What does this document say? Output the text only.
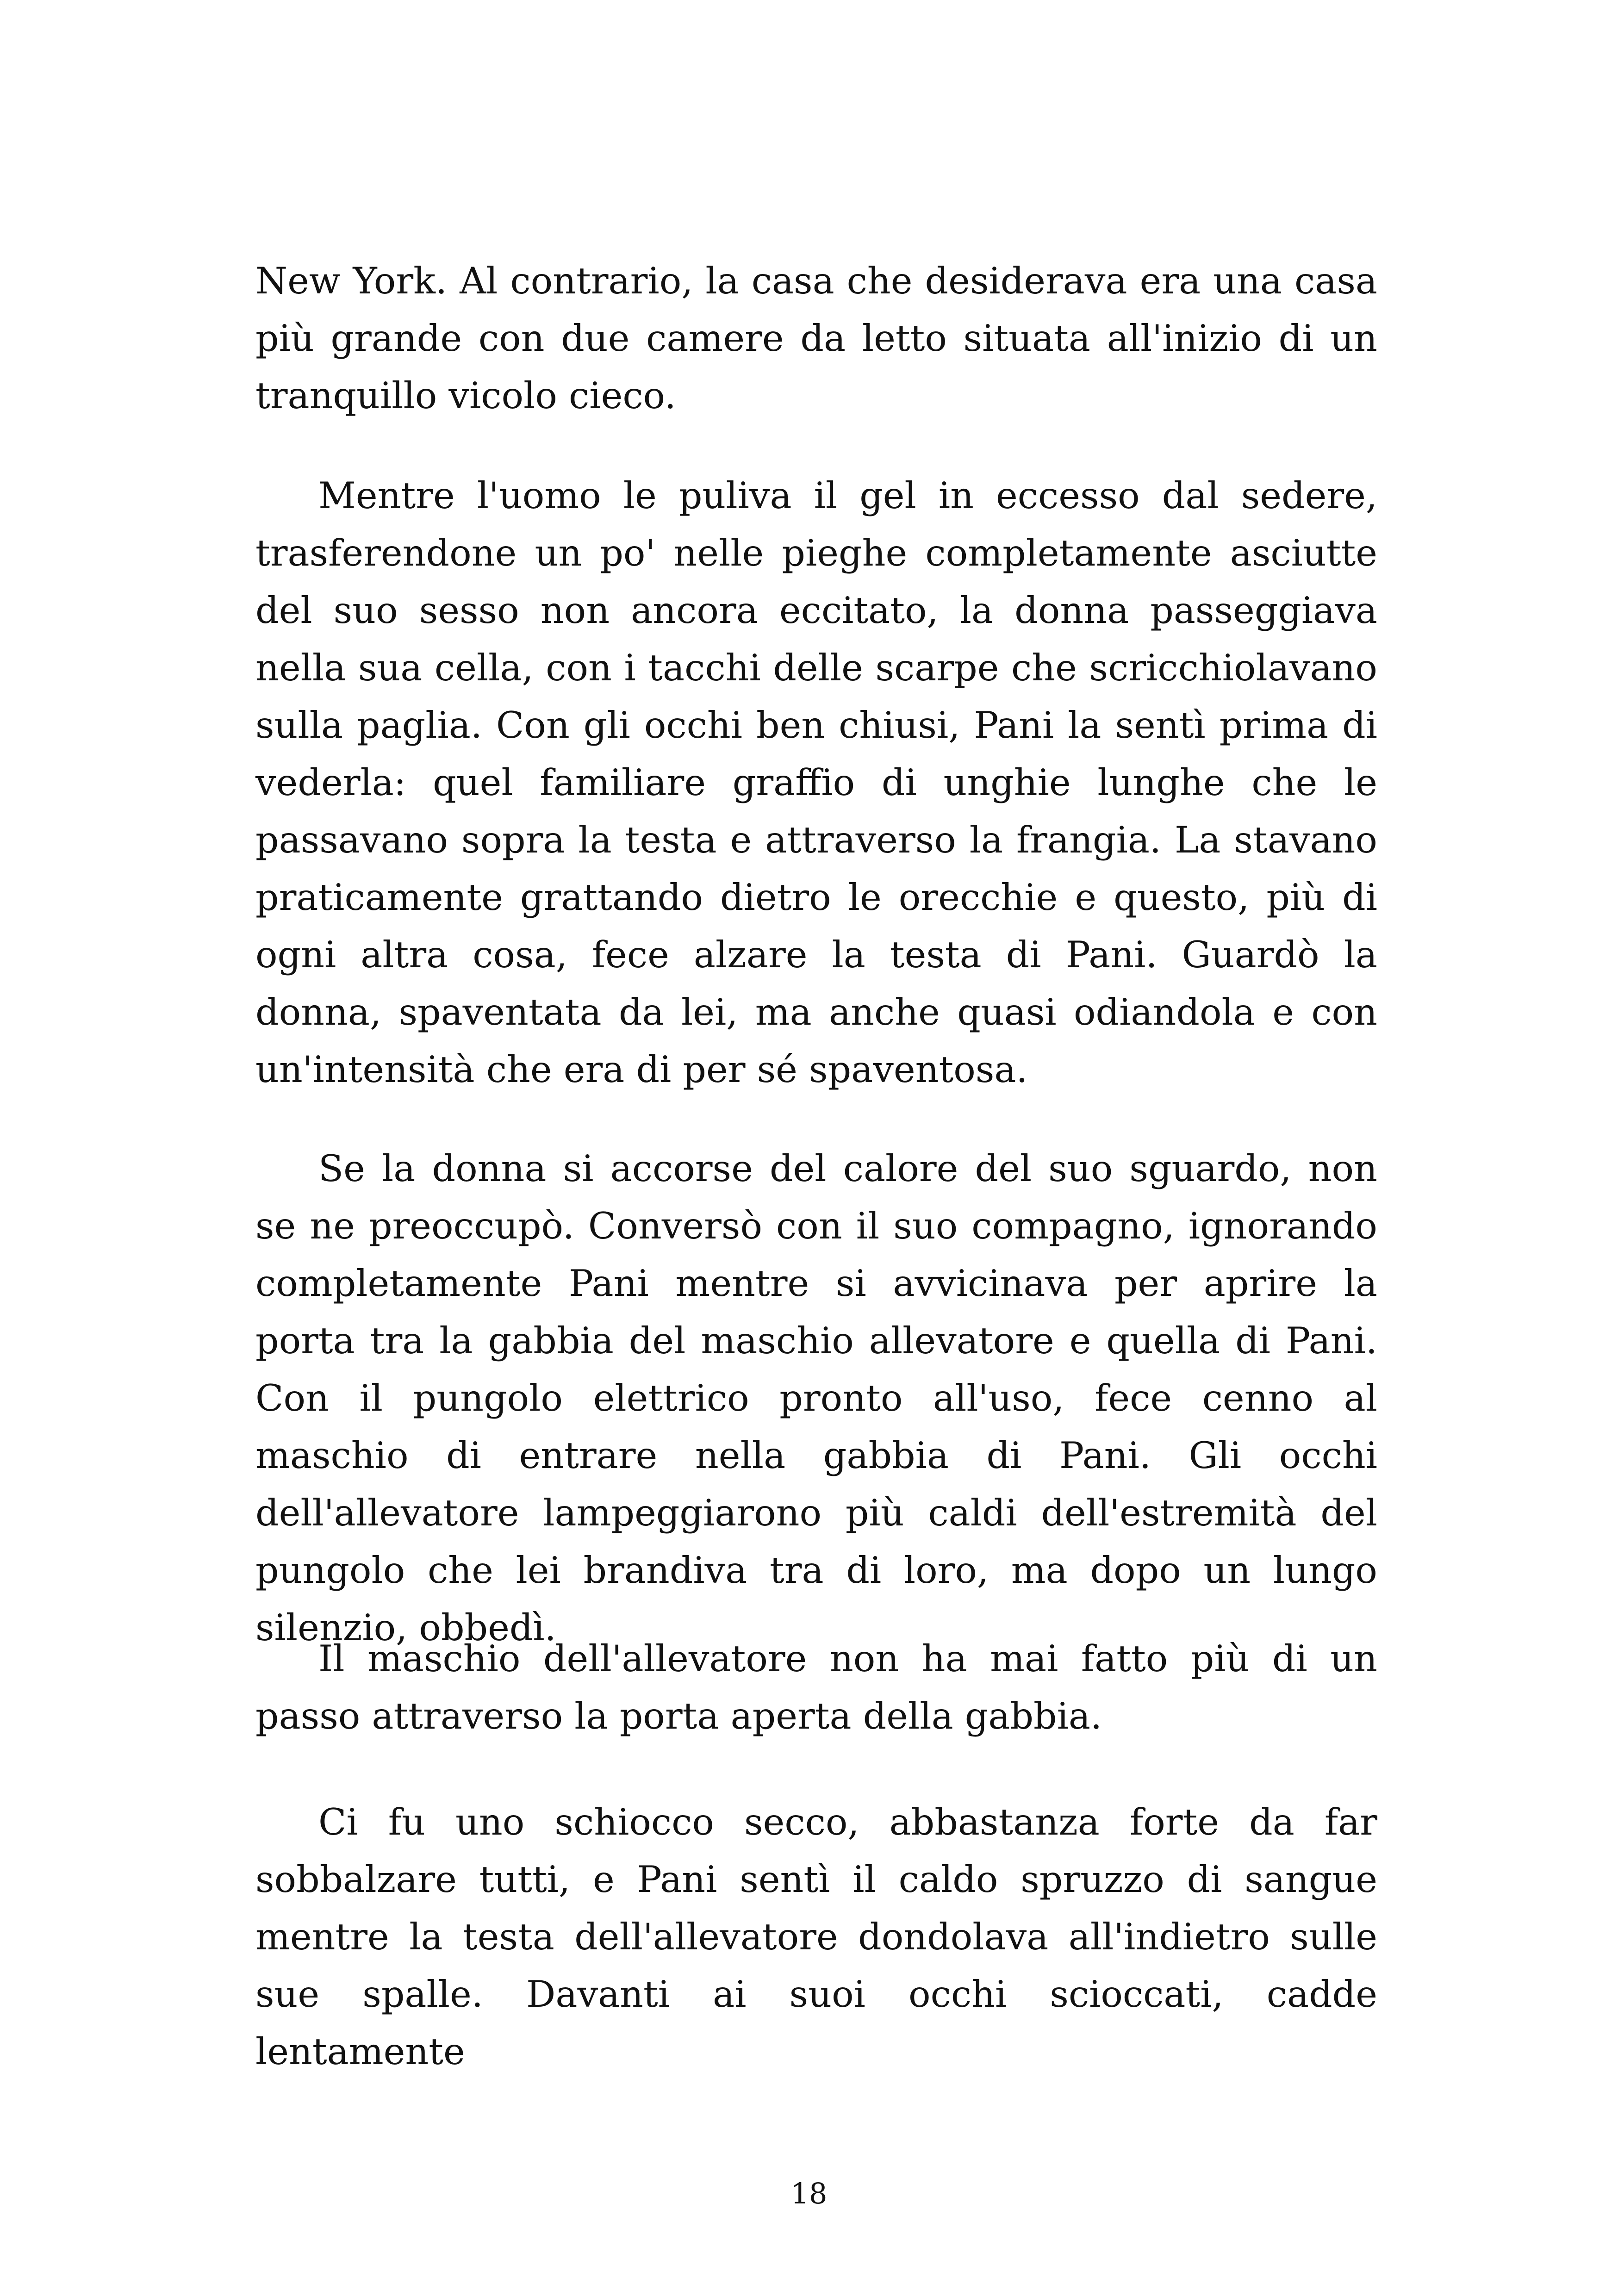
New York. Al contrario, la casa che desiderava era una casa più grande con due camere da letto situata all'inizio di un tranquillo vicolo cieco.

Mentre l'uomo le puliva il gel in eccesso dal sedere, trasferendone un po' nelle pieghe completamente asciutte del suo sesso non ancora eccitato, la donna passeggiava nella sua cella, con i tacchi delle scarpe che scricchiolavano sulla paglia. Con gli occhi ben chiusi, Pani la sentì prima di vederla: quel familiare graffio di unghie lunghe che le passavano sopra la testa e attraverso la frangia. La stavano praticamente grattando dietro le orecchie e questo, più di ogni altra cosa, fece alzare la testa di Pani. Guardò la donna, spaventata da lei, ma anche quasi odiandola e con un'intensità che era di per sé spaventosa.

Se la donna si accorse del calore del suo sguardo, non se ne preoccupò. Conversò con il suo compagno, ignorando completamente Pani mentre si avvicinava per aprire la porta tra la gabbia del maschio allevatore e quella di Pani. Con il pungolo elettrico pronto all'uso, fece cenno al maschio di entrare nella gabbia di Pani. Gli occhi dell'allevatore lampeggiarono più caldi dell'estremità del pungolo che lei brandiva tra di loro, ma dopo un lungo silenzio, obbedì.

Il maschio dell'allevatore non ha mai fatto più di un passo attraverso la porta aperta della gabbia.

Ci fu uno schiocco secco, abbastanza forte da far sobbalzare tutti, e Pani sentì il caldo spruzzo di sangue mentre la testa dell'allevatore dondolava all'indietro sulle sue spalle. Davanti ai suoi occhi scioccati, cadde lentamente

18
